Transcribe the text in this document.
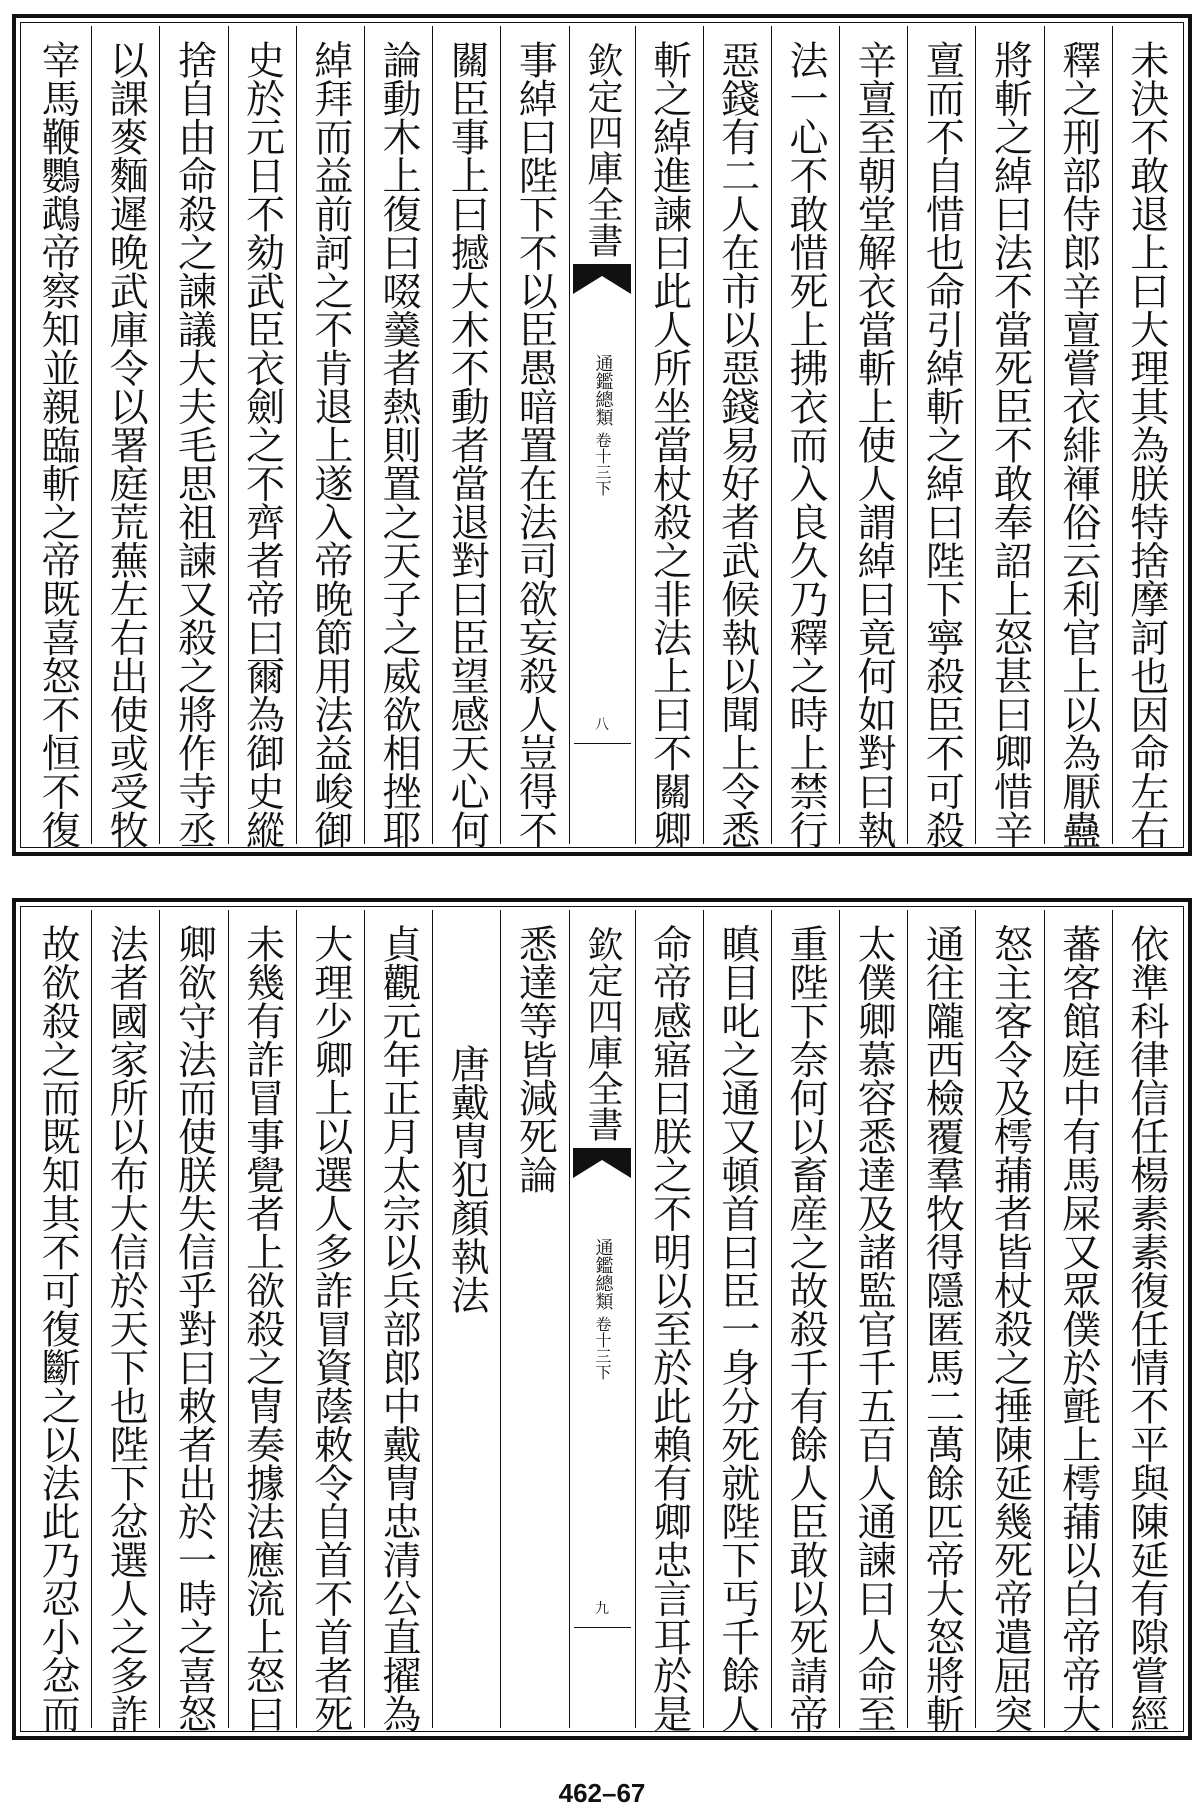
未決不敢退上曰大理其為朕特捨摩訶也因命左右
釋之刑部侍郎辛亶嘗衣緋褌俗云利官上以為厭蠱
將斬之綽曰法不當死臣不敢奉詔上怒甚曰卿惜辛
亶而不自惜也命引綽斬之綽曰陛下寧殺臣不可殺
辛亶至朝堂解衣當斬上使人謂綽曰竟何如對曰執
法一心不敢惜死上拂衣而入良久乃釋之時上禁行
惡錢有二人在市以惡錢易好者武候執以聞上令悉
斬之綽進諫曰此人所坐當杖殺之非法上曰不關卿
欽定四庫全書
通鑑總類
卷十三下
八
事綽曰陛下不以臣愚暗置在法司欲妄殺人豈得不
關臣事上曰撼大木不動者當退對曰臣望感天心何
論動木上復曰啜羹者熱則置之天子之威欲相挫耶
綽拜而益前訶之不肯退上遂入帝晚節用法益峻御
史於元日不劾武臣衣劍之不齊者帝曰爾為御史縱
捨自由命殺之諫議大夫毛思祖諫又殺之將作寺丞
以課麥麵遲晚武庫令以署庭荒蕪左右出使或受牧
宰馬鞭鸚鵡帝察知並親臨斬之帝既喜怒不恒不復
依準科律信任楊素素復任情不平與陳延有隙嘗經
蕃客館庭中有馬屎又眾僕於氈上樗蒱以白帝帝大
怒主客令及樗蒱者皆杖殺之捶陳延幾死帝遣屈突
通往隴西檢覆羣牧得隱匿馬二萬餘匹帝大怒將斬
太僕卿慕容悉達及諸監官千五百人通諫曰人命至
重陛下奈何以畜産之故殺千有餘人臣敢以死請帝
瞋目叱之通又頓首曰臣一身分死就陛下丐千餘人
命帝感寤曰朕之不明以至於此賴有卿忠言耳於是
欽定四庫全書
通鑑總類
卷十三下
九
悉達等皆減死論
唐戴冑犯顏執法
貞觀元年正月太宗以兵部郎中戴冑忠清公直擢為
大理少卿上以選人多詐冒資蔭敕令自首不首者死
未幾有詐冒事覺者上欲殺之冑奏據法應流上怒曰
卿欲守法而使朕失信乎對曰敕者出於一時之喜怒
法者國家所以布大信於天下也陛下忿選人之多詐
故欲殺之而既知其不可復斷之以法此乃忍小忿而
462–67
